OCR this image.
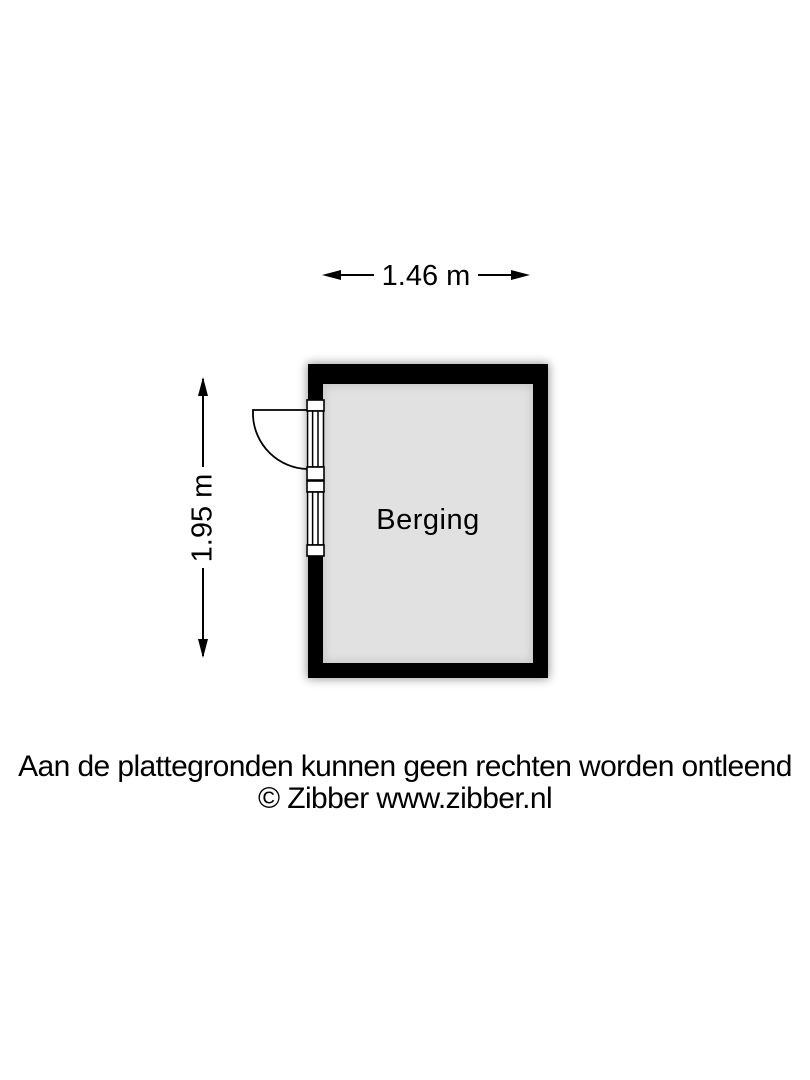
1.46 m
1.95 m	Berging
Aan de plattegronden kunnen geen rechten worden ontleend
© Zibber www.zibber.nl
